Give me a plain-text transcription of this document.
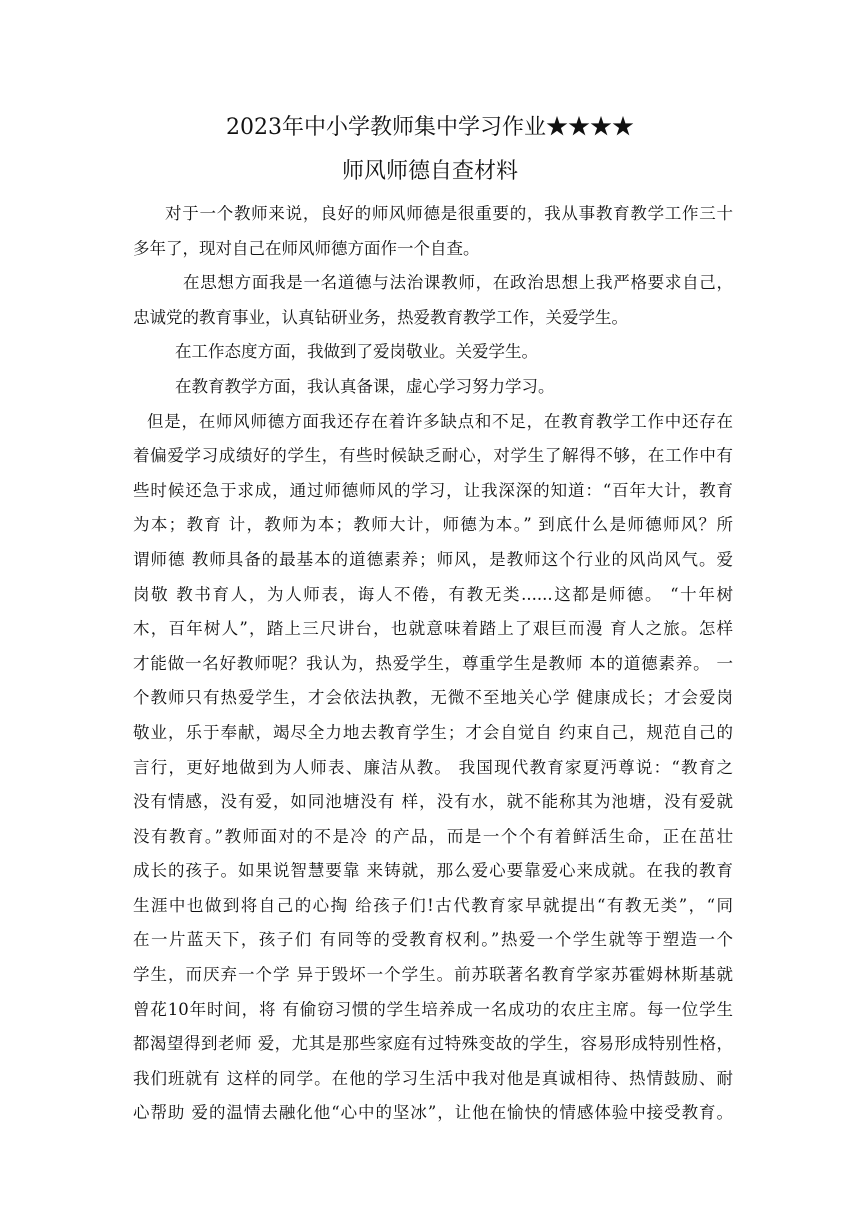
2023年中小学教师集中学习作业★★★★
师风师德自查材料
对于一个教师来说，良好的师风师德是很重要的，我从事教育教学工作三十
多年了，现对自己在师风师德方面作一个自查。
在思想方面我是一名道德与法治课教师，在政治思想上我严格要求自己，
忠诚党的教育事业，认真钻研业务，热爱教育教学工作，关爱学生。
在工作态度方面，我做到了爱岗敬业。关爱学生。
在教育教学方面，我认真备课，虚心学习努力学习。
但是，在师风师德方面我还存在着许多缺点和不足，在教育教学工作中还存在
着偏爱学习成绩好的学生，有些时候缺乏耐心，对学生了解得不够，在工作中有
些时候还急于求成，通过师德师风的学习，让我深深的知道：“百年大计，教育
为本；教育 计，教师为本；教师大计，师德为本。” 到底什么是师德师风？所
谓师德 教师具备的最基本的道德素养；师风，是教师这个行业的风尚风气。爱
岗敬 教书育人，为人师表，诲人不倦，有教无类......这都是师德。 “十年树
木，百年树人”，踏上三尺讲台，也就意味着踏上了艰巨而漫 育人之旅。怎样
才能做一名好教师呢？我认为，热爱学生，尊重学生是教师 本的道德素养。 一
个教师只有热爱学生，才会依法执教，无微不至地关心学 健康成长；才会爱岗
敬业，乐于奉献，竭尽全力地去教育学生；才会自觉自 约束自己，规范自己的
言行，更好地做到为人师表、廉洁从教。 我国现代教育家夏沔尊说：“教育之
没有情感，没有爱，如同池塘没有 样，没有水，就不能称其为池塘，没有爱就
没有教育。”教师面对的不是冷 的产品，而是一个个有着鲜活生命，正在茁壮
成长的孩子。如果说智慧要靠 来铸就，那么爱心要靠爱心来成就。在我的教育
生涯中也做到将自己的心掏 给孩子们!古代教育家早就提出“有教无类”，“同
在一片蓝天下，孩子们 有同等的受教育权利。”热爱一个学生就等于塑造一个
学生，而厌弃一个学 异于毁坏一个学生。前苏联著名教育学家苏霍姆林斯基就
曾花10年时间，将 有偷窃习惯的学生培养成一名成功的农庄主席。每一位学生
都渴望得到老师 爱，尤其是那些家庭有过特殊变故的学生，容易形成特别性格，
我们班就有 这样的同学。在他的学习生活中我对他是真诚相待、热情鼓励、耐
心帮助 爱的温情去融化他“心中的坚冰”，让他在愉快的情感体验中接受教育。
